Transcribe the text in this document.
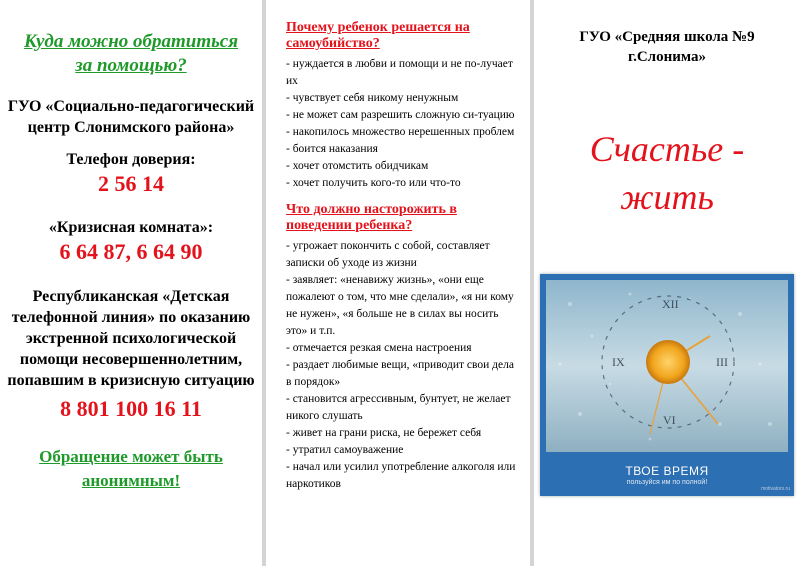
Куда можно обратиться за помощью?
ГУО «Социально-педагогический центр Слонимского района»
Телефон доверия:
2 56 14
«Кризисная комната»:
6 64 87, 6 64 90
Республиканская «Детская телефонной линия» по оказанию экстренной психологической помощи несовершеннолетним, попавшим в кризисную ситуацию
8 801 100 16 11
Обращение может быть анонимным!
Почему ребенок решается на самоубийство?
- нуждается в любви и помощи и не по-лучает их
- чувствует себя никому ненужным
- не может сам разрешить сложную си-туацию
- накопилось множество нерешенных проблем
- боится наказания
- хочет отомстить обидчикам
- хочет получить кого-то или что-то
Что должно насторожить в поведении ребенка?
- угрожает покончить с собой, составляет записки об уходе из жизни
- заявляет: «ненавижу жизнь», «они еще пожалеют о том, что мне сделали», «я ни кому не нужен», «я больше не в силах вы носить это» и т.п.
- отмечается резкая смена настроения
- раздает любимые вещи, «приводит свои дела в порядок»
- становится агрессивным, бунтует, не желает никого слушать
- живет на грани риска, не бережет себя
- утратил самоуважение
- начал или усилил употребление алкоголя или наркотиков
ГУО «Средняя школа №9 г.Слонима»
Счастье - жить
XII
III
VI
IX
ТВОЕ ВРЕМЯ
пользуйся им по полной!
motivators.ru
